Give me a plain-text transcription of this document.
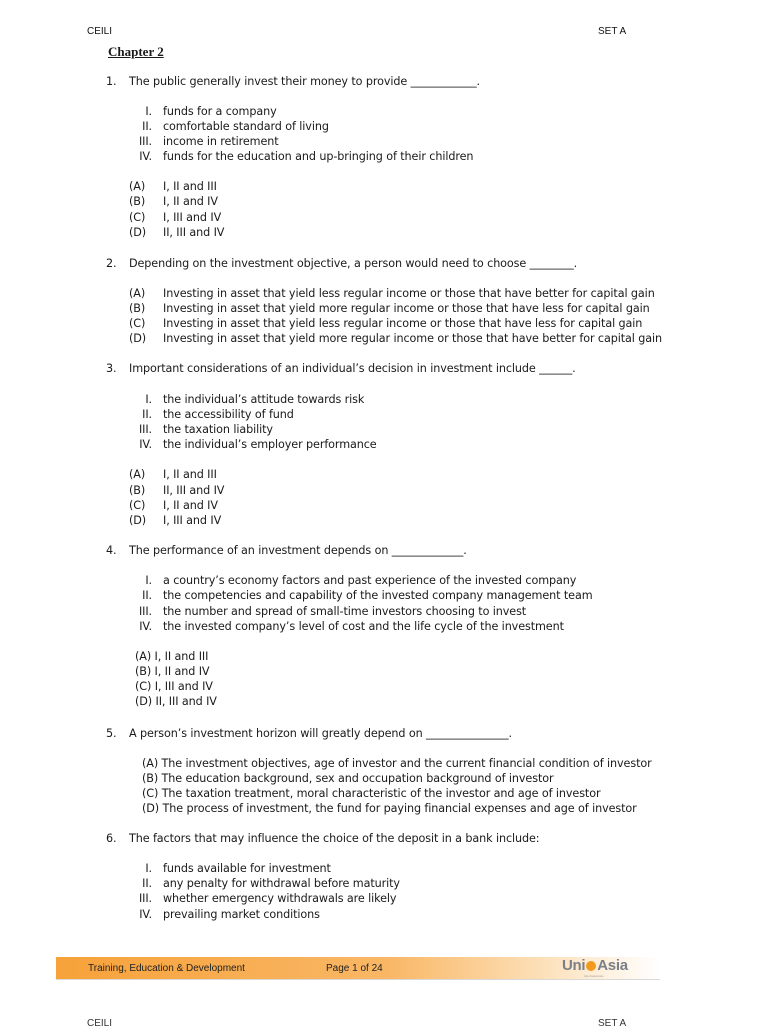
CEILI	SET A
Chapter 2
1.	The public generally invest their money to provide ____________.
I. funds for a company
II. comfortable standard of living
III. income in retirement
IV. funds for the education and up-bringing of their children
(A) I, II and III
(B) I, II and IV
(C) I, III and IV
(D) II, III and IV
2.	Depending on the investment objective, a person would need to choose ________.
(A) Investing in asset that yield less regular income or those that have better for capital gain
(B) Investing in asset that yield more regular income or those that have less for capital gain
(C) Investing in asset that yield less regular income or those that have less for capital gain
(D) Investing in asset that yield more regular income or those that have better for capital gain
3.	Important considerations of an individual’s decision in investment include ______.
I. the individual’s attitude towards risk
II. the accessibility of fund
III. the taxation liability
IV. the individual’s employer performance
(A) I, II and III
(B) II, III and IV
(C) I, II and IV
(D) I, III and IV
4.	The performance of an investment depends on _____________.
I. a country’s economy factors and past experience of the invested company
II. the competencies and capability of the invested company management team
III. the number and spread of small-time investors choosing to invest
IV. the invested company’s level of cost and the life cycle of the investment
(A) I, II and III
(B) I, II and IV
(C) I, III and IV
(D) II, III and IV
5.	A person’s investment horizon will greatly depend on _______________.
(A) The investment objectives, age of investor and the current financial condition of investor
(B) The education background, sex and occupation background of investor
(C) The taxation treatment, moral characteristic of the investor and age of investor
(D) The process of investment, the fund for paying financial expenses and age of investor
6.	The factors that may influence the choice of the deposit in a bank include:
I. funds available for investment
II. any penalty for withdrawal before maturity
III. whether emergency withdrawals are likely
IV. prevailing market conditions
Training, Education & Development	Page 1 of 24	Uni Asia
Life Assurance
CEILI	SET A
